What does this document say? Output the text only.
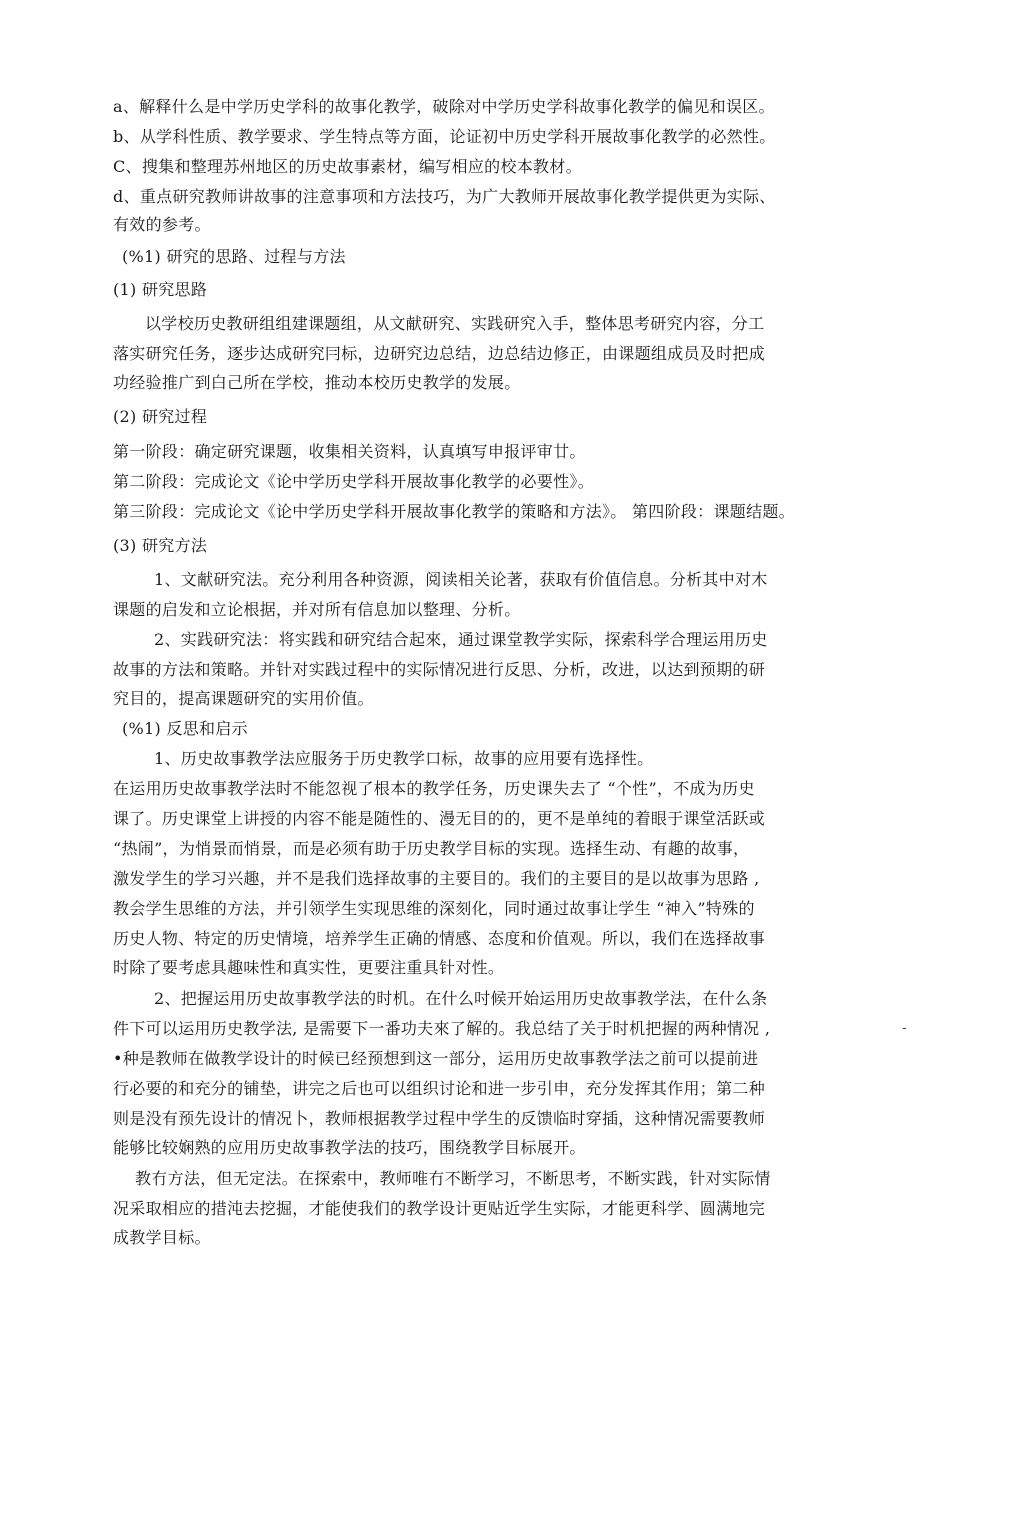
a、解释什么是中学历史学科的故事化教学，破除对中学历史学科故事化教学的偏见和误区。
b、从学科性质、教学要求、学生特点等方面，论证初中历史学科开展故事化教学的必然性。
C、搜集和整理苏州地区的历史故事素材，编写相应的校本教材。
d、重点研究教师讲故事的注意事项和方法技巧，为广大教师开展故事化教学提供更为实际、
有效的参考。
(%1) 研究的思路、过程与方法
(1) 研究思路
以学校历史教研组组建课题组，从文献研究、实践研究入手，整体思考研究内容，分工
落实研究任务，逐步达成研究冃标，边研究边总结，边总结边修正，由课题组成员及时把成
功经验推广到白己所在学校，推动本校历史教学的发展。
(2) 研究过程
第一阶段：确定研究课题，收集相关资料，认真填写申报评审廿。
第二阶段：完成论文《论中学历史学科开展故事化教学的必要性》。
第三阶段：完成论文《论中学历史学科开展故事化教学的策略和方法》。 第四阶段：课题结题。
(3) 研究方法
1、文献研究法。充分利用各种资源，阅读相关论著，获取有价值信息。分析其中对木
课题的启发和立论根据，并对所有信息加以整理、分析。
2、实践研究法：将实践和研究结合起來，通过课堂教学实际，探索科学合理运用历史
故事的方法和策略。并针对实践过程中的实际情况进行反思、分析，改进，以达到预期的研
究目的，提高课题研究的实用价值。
(%1) 反思和启示
1、历史故事教学法应服务于历史教学口标，故事的应用要有选择性。
在运用历史故事教学法时不能忽视了根本的教学任务，历史课失去了 “个性”，不成为历史
课了。历史课堂上讲授的内容不能是随性的、漫无目的的，更不是单纯的着眼于课堂活跃或
“热闹”，为悄景而悄景，而是必须有助于历史教学目标的实现。选择生动、有趣的故事，
激发学生的学习兴趣，并不是我们选择故事的主要目的。我们的主要目的是以故事为思路 ,
教会学生思维的方法，并引领学生实现思维的深刻化，同时通过故事让学生 “神入”特殊的
历史人物、特定的历史情境，培养学生正确的情感、态度和价值观。所以，我们在选择故事
时除了要考虑具趣味性和真实性，更要注重具针对性。
2、把握运用历史故事教学法的时机。在什么吋候开始运用历史故事教学法，在什么条
件下可以运用历史教学法, 是需要下一番功夫來了解的。我总结了关于时机把握的两种情况 ,
•种是教师在做教学设计的时候已经预想到这一部分，运用历史故事教学法之前可以提前进
行必要的和充分的铺垫，讲完之后也可以组织讨论和进一步引申，充分发挥其作用；第二种
则是没有预先设计的情况卜，教师根据教学过程中学生的反馈临时穿插，这种情况需要教师
能够比较娴熟的应用历史故事教学法的技巧，围绕教学目标展开。
教冇方法，但无定法。在探索中，教师唯冇不断学习，不断思考，不断实践，针对实际情
况采取相应的措沌去挖掘，才能使我们的教学设计更贴近学生实际，才能更科学、圆满地完
成教学目标。
-
